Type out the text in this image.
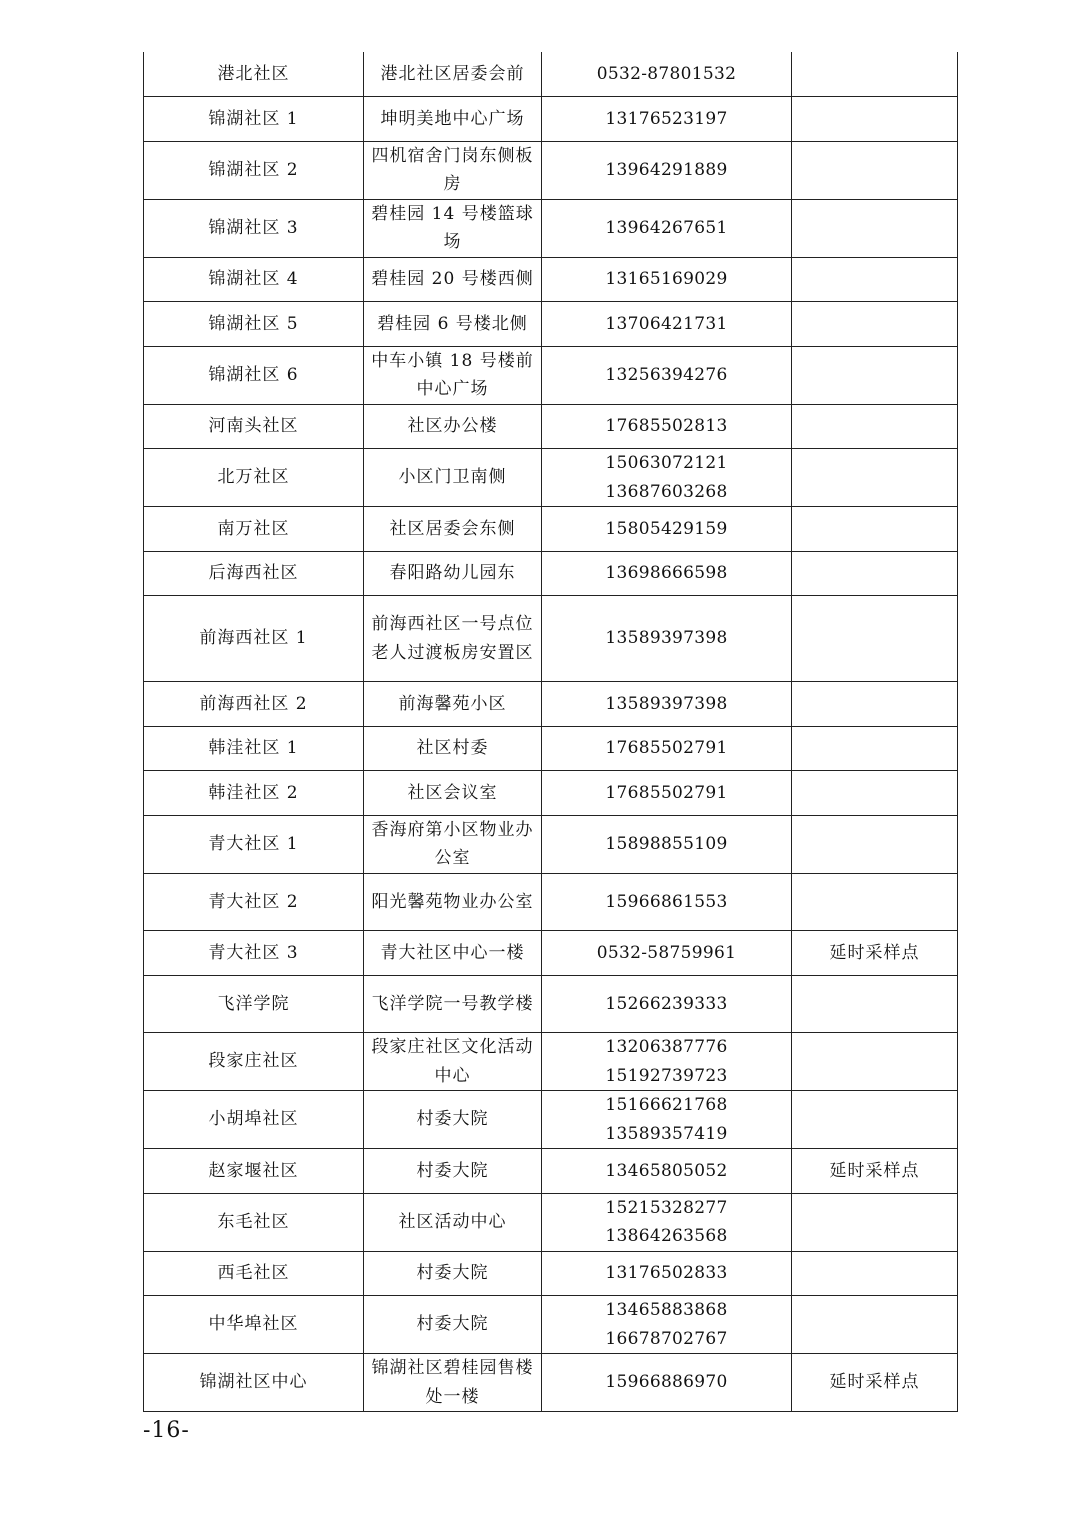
港北社区	港北社区居委会前	0532-87801532	

锦湖社区 1	坤明美地中心广场	13176523197	

锦湖社区 2	四机宿舍门岗东侧板房	13964291889	

锦湖社区 3	碧桂园 14 号楼篮球场	13964267651	

锦湖社区 4	碧桂园 20 号楼西侧	13165169029	

锦湖社区 5	碧桂园 6 号楼北侧	13706421731	

锦湖社区 6	中车小镇 18 号楼前中心广场	13256394276	

河南头社区	社区办公楼	17685502813	

北万社区	小区门卫南侧	15063072121
13687603268	

南万社区	社区居委会东侧	15805429159	

后海西社区	春阳路幼儿园东	13698666598	

前海西社区 1	前海西社区一号点位老人过渡板房安置区	13589397398	

前海西社区 2	前海馨苑小区	13589397398	

韩洼社区 1	社区村委	17685502791	

韩洼社区 2	社区会议室	17685502791	

青大社区 1	香海府第小区物业办公室	15898855109	

青大社区 2	阳光馨苑物业办公室	15966861553	

青大社区 3	青大社区中心一楼	0532-58759961	延时采样点
飞洋学院	飞洋学院一号教学楼	15266239333	

段家庄社区	段家庄社区文化活动中心	13206387776
15192739723	

小胡埠社区	村委大院	15166621768
13589357419	

赵家堰社区	村委大院	13465805052	延时采样点
东毛社区	社区活动中心	15215328277
13864263568	

西毛社区	村委大院	13176502833	

中华埠社区	村委大院	13465883868
16678702767	

锦湖社区中心	锦湖社区碧桂园售楼处一楼	15966886970	延时采样点
-16-
